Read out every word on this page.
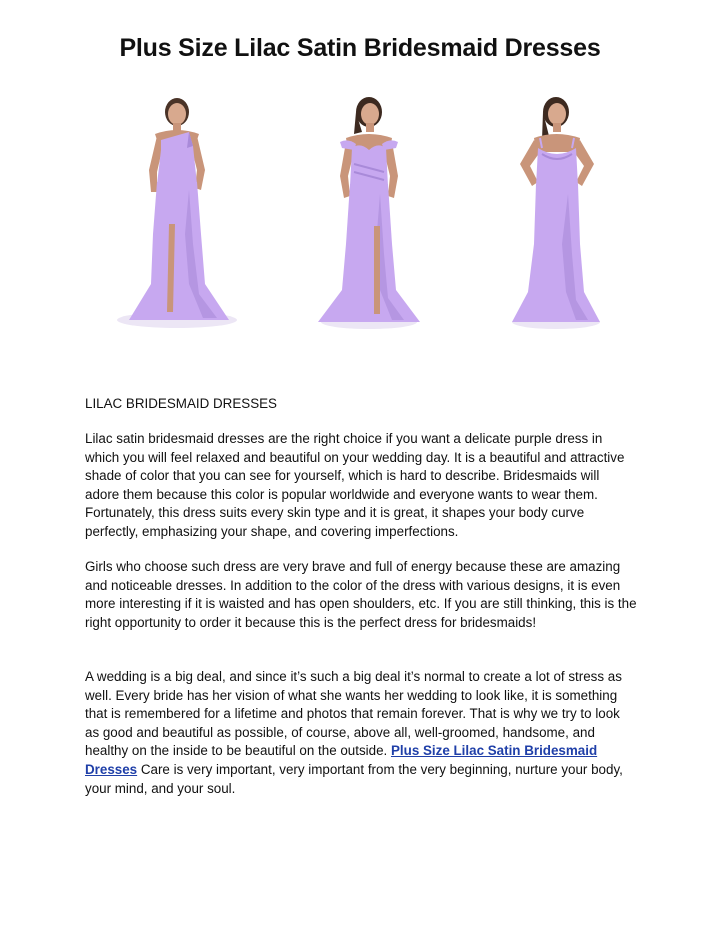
Plus Size Lilac Satin Bridesmaid Dresses

LILAC BRIDESMAID DRESSES

Lilac satin bridesmaid dresses are the right choice if you want a delicate purple dress in which you will feel relaxed and beautiful on your wedding day. It is a beautiful and attractive shade of color that you can see for yourself, which is hard to describe. Bridesmaids will adore them because this color is popular worldwide and everyone wants to wear them. Fortunately, this dress suits every skin type and it is great, it shapes your body curve perfectly, emphasizing your shape, and covering imperfections.

Girls who choose such dress are very brave and full of energy because these are amazing and noticeable dresses. In addition to the color of the dress with various designs, it is even more interesting if it is waisted and has open shoulders, etc. If you are still thinking, this is the right opportunity to order it because this is the perfect dress for bridesmaids!

A wedding is a big deal, and since it’s such a big deal it’s normal to create a lot of stress as well. Every bride has her vision of what she wants her wedding to look like, it is something that is remembered for a lifetime and photos that remain forever. That is why we try to look as good and beautiful as possible, of course, above all, well-groomed, handsome, and healthy on the inside to be beautiful on the outside. Plus Size Lilac Satin Bridesmaid Dresses Care is very important, very important from the very beginning, nurture your body, your mind, and your soul.
